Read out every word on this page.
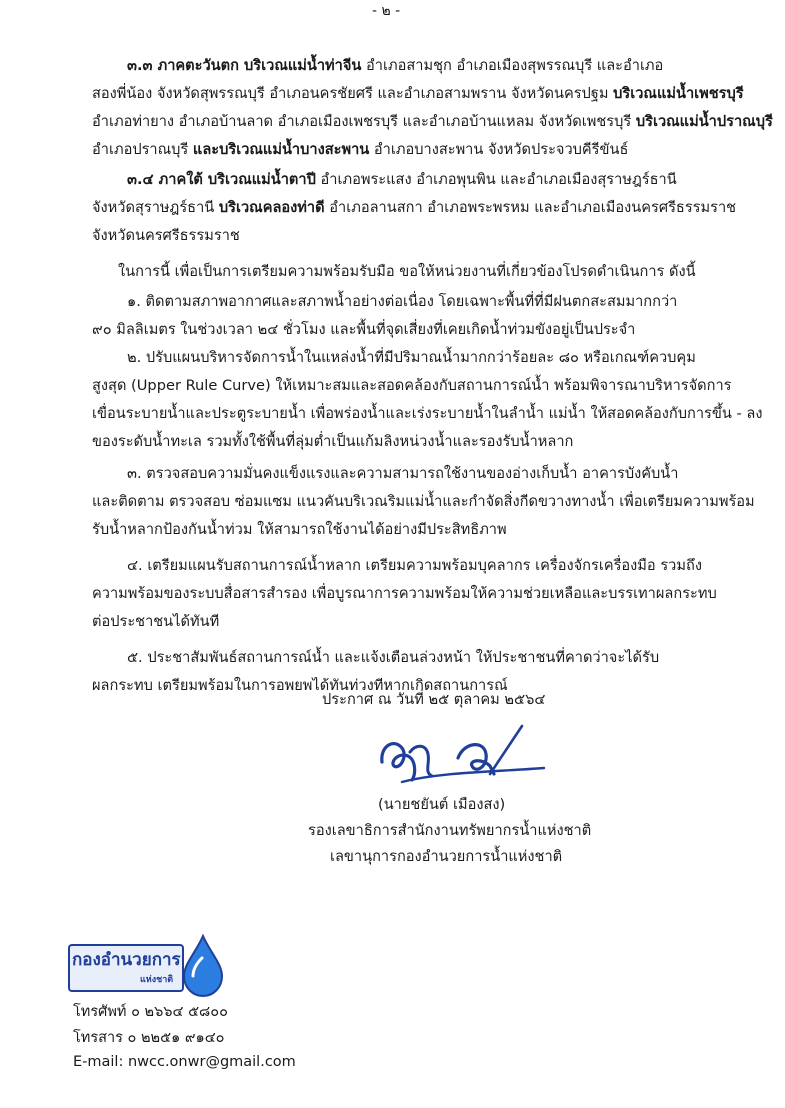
- ๒ -
๓.๓ ภาคตะวันตก บริเวณแม่น้ำท่าจีน อำเภอสามชุก อำเภอเมืองสุพรรณบุรี และอำเภอ
สองพี่น้อง จังหวัดสุพรรณบุรี อำเภอนครชัยศรี และอำเภอสามพราน จังหวัดนครปฐม บริเวณแม่น้ำเพชรบุรี
อำเภอท่ายาง อำเภอบ้านลาด อำเภอเมืองเพชรบุรี และอำเภอบ้านแหลม จังหวัดเพชรบุรี บริเวณแม่น้ำปราณบุรี
อำเภอปราณบุรี และบริเวณแม่น้ำบางสะพาน อำเภอบางสะพาน จังหวัดประจวบคีรีขันธ์
๓.๔ ภาคใต้ บริเวณแม่น้ำตาปี อำเภอพระแสง อำเภอพุนพิน และอำเภอเมืองสุราษฎร์ธานี
จังหวัดสุราษฎร์ธานี บริเวณคลองท่าดี อำเภอลานสกา อำเภอพระพรหม และอำเภอเมืองนครศรีธรรมราช
จังหวัดนครศรีธรรมราช
ในการนี้ เพื่อเป็นการเตรียมความพร้อมรับมือ ขอให้หน่วยงานที่เกี่ยวข้องโปรดดำเนินการ ดังนี้
๑. ติดตามสภาพอากาศและสภาพน้ำอย่างต่อเนื่อง โดยเฉพาะพื้นที่ที่มีฝนตกสะสมมากกว่า
๙๐ มิลลิเมตร ในช่วงเวลา ๒๔ ชั่วโมง และพื้นที่จุดเสี่ยงที่เคยเกิดน้ำท่วมขังอยู่เป็นประจำ
๒. ปรับแผนบริหารจัดการน้ำในแหล่งน้ำที่มีปริมาณน้ำมากกว่าร้อยละ ๘๐ หรือเกณฑ์ควบคุม
สูงสุด (Upper Rule Curve) ให้เหมาะสมและสอดคล้องกับสถานการณ์น้ำ พร้อมพิจารณาบริหารจัดการ
เขื่อนระบายน้ำและประตูระบายน้ำ เพื่อพร่องน้ำและเร่งระบายน้ำในลำน้ำ แม่น้ำ ให้สอดคล้องกับการขึ้น - ลง
ของระดับน้ำทะเล รวมทั้งใช้พื้นที่ลุ่มต่ำเป็นแก้มลิงหน่วงน้ำและรองรับน้ำหลาก
๓. ตรวจสอบความมั่นคงแข็งแรงและความสามารถใช้งานของอ่างเก็บน้ำ อาคารบังคับน้ำ
และติดตาม ตรวจสอบ ซ่อมแซม แนวคันบริเวณริมแม่น้ำและกำจัดสิ่งกีดขวางทางน้ำ เพื่อเตรียมความพร้อม
รับน้ำหลากป้องกันน้ำท่วม ให้สามารถใช้งานได้อย่างมีประสิทธิภาพ
๔. เตรียมแผนรับสถานการณ์น้ำหลาก เตรียมความพร้อมบุคลากร เครื่องจักรเครื่องมือ รวมถึง
ความพร้อมของระบบสื่อสารสำรอง เพื่อบูรณาการความพร้อมให้ความช่วยเหลือและบรรเทาผลกระทบ
ต่อประชาชนได้ทันที
๕. ประชาสัมพันธ์สถานการณ์น้ำ และแจ้งเตือนล่วงหน้า ให้ประชาชนที่คาดว่าจะได้รับ
ผลกระทบ เตรียมพร้อมในการอพยพได้ทันท่วงทีหากเกิดสถานการณ์
ประกาศ ณ วันที่ ๒๕ ตุลาคม ๒๕๖๔
(นายชยันต์ เมืองสง)
รองเลขาธิการสำนักงานทรัพยากรน้ำแห่งชาติ
เลขานุการกองอำนวยการน้ำแห่งชาติ
กองอำนวยการ
แห่งชาติ
โทรศัพท์ ๐ ๒๖๖๔ ๕๘๐๐
โทรสาร ๐ ๒๒๕๑ ๙๑๔๐
E-mail: nwcc.onwr@gmail.com
